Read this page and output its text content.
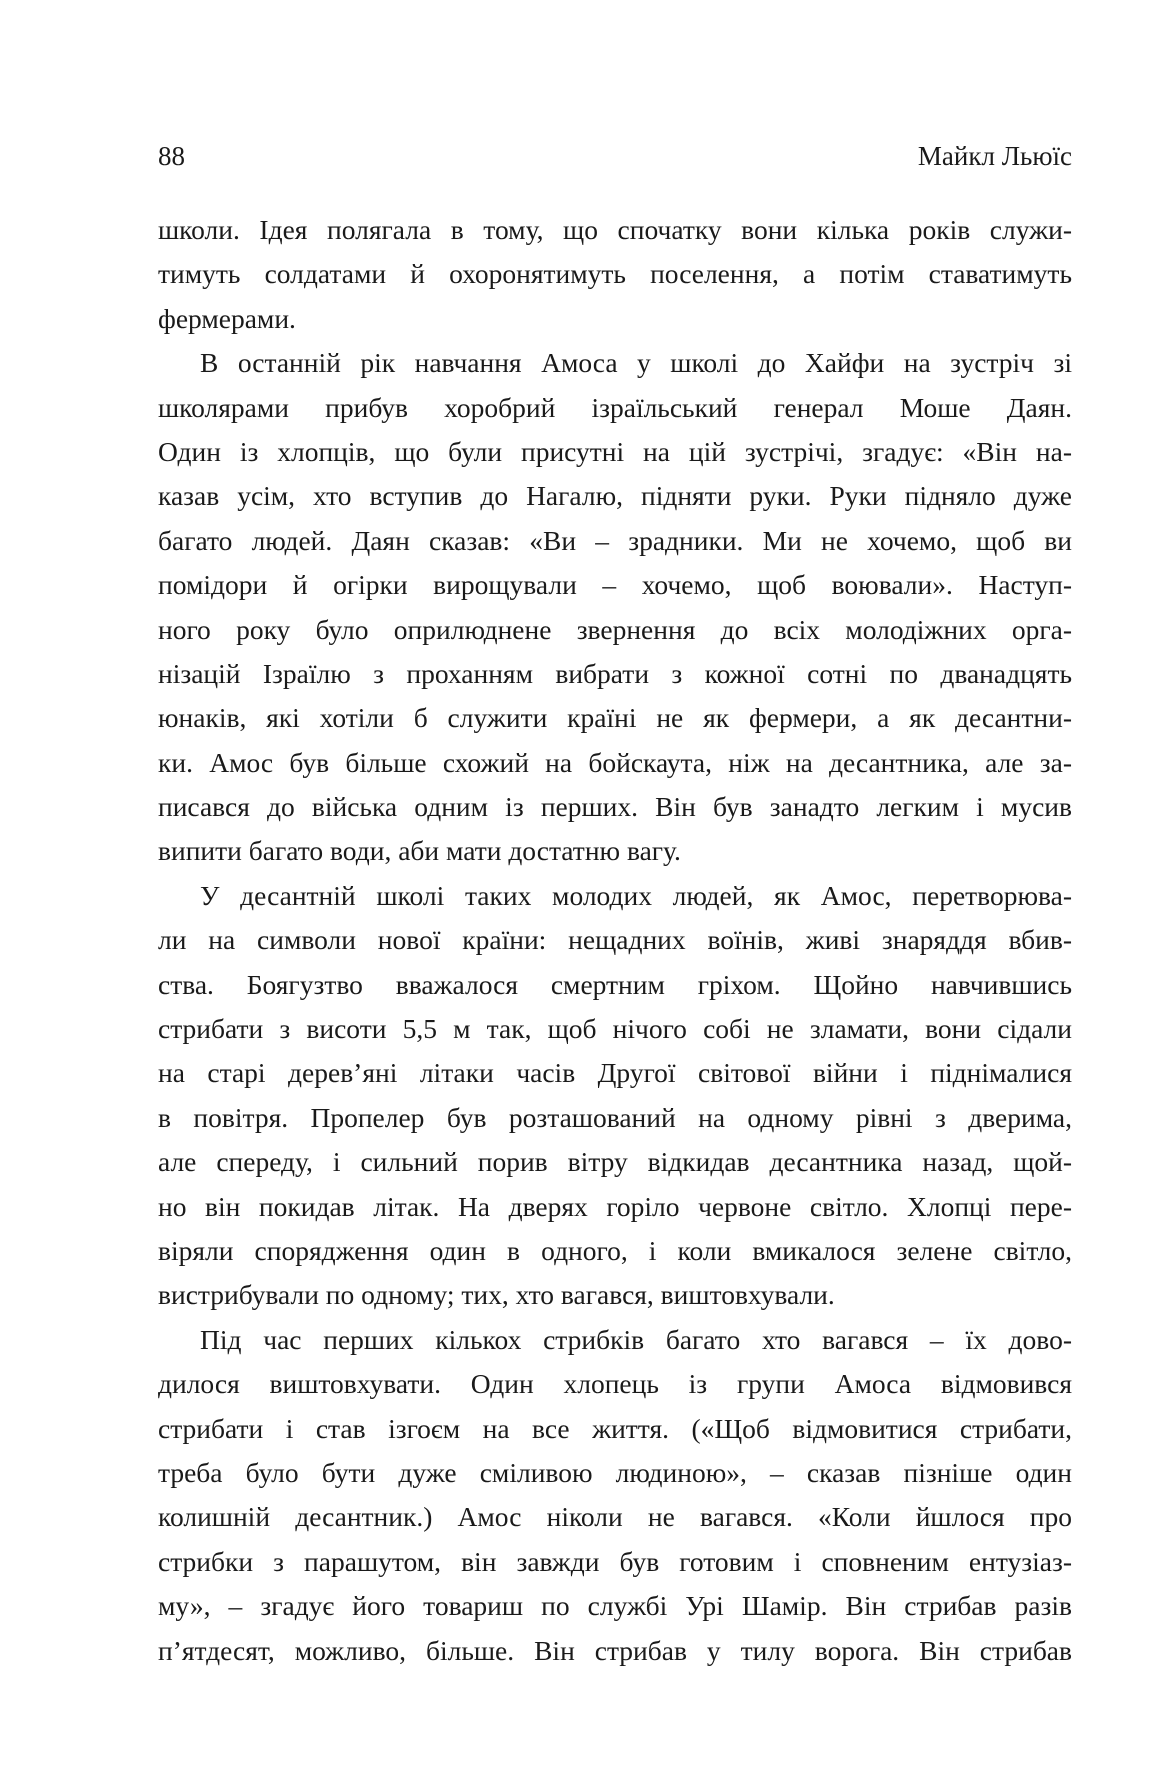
88	Майкл Льюїс
школи. Ідея полягала в тому, що спочатку вони кілька років служи-
тимуть солдатами й охоронятимуть поселення, а потім ставатимуть
фермерами.
В останній рік навчання Амоса у школі до Хайфи на зустріч зі
школярами прибув хоробрий ізраїльський генерал Моше Даян.
Один із хлопців, що були присутні на цій зустрічі, згадує: «Він на-
казав усім, хто вступив до Нагалю, підняти руки. Руки підняло дуже
багато людей. Даян сказав: «Ви – зрадники. Ми не хочемо, щоб ви
помідори й огірки вирощували – хочемо, щоб воювали». Наступ-
ного року було оприлюднене звернення до всіх молодіжних орга-
нізацій Ізраїлю з проханням вибрати з кожної сотні по дванадцять
юнаків, які хотіли б служити країні не як фермери, а як десантни-
ки. Амос був більше схожий на бойскаута, ніж на десантника, але за-
писався до війська одним із перших. Він був занадто легким і мусив
випити багато води, аби мати достатню вагу.
У десантній школі таких молодих людей, як Амос, перетворюва-
ли на символи нової країни: нещадних воїнів, живі знаряддя вбив-
ства. Боягузтво вважалося смертним гріхом. Щойно навчившись
стрибати з висоти 5,5 м так, щоб нічого собі не зламати, вони сідали
на старі дерев’яні літаки часів Другої світової війни і піднімалися
в повітря. Пропелер був розташований на одному рівні з дверима,
але спереду, і сильний порив вітру відкидав десантника назад, щой-
но він покидав літак. На дверях горіло червоне світло. Хлопці пере-
віряли спорядження один в одного, і коли вмикалося зелене світло,
вистрибували по одному; тих, хто вагався, виштовхували.
Під час перших кількох стрибків багато хто вагався – їх дово-
дилося виштовхувати. Один хлопець із групи Амоса відмовився
стрибати і став ізгоєм на все життя. («Щоб відмовитися стрибати,
треба було бути дуже сміливою людиною», – сказав пізніше один
колишній десантник.) Амос ніколи не вагався. «Коли йшлося про
стрибки з парашутом, він завжди був готовим і сповненим ентузіаз-
му», – згадує його товариш по службі Урі Шамір. Він стрибав разів
п’ятдесят, можливо, більше. Він стрибав у тилу ворога. Він стрибав
